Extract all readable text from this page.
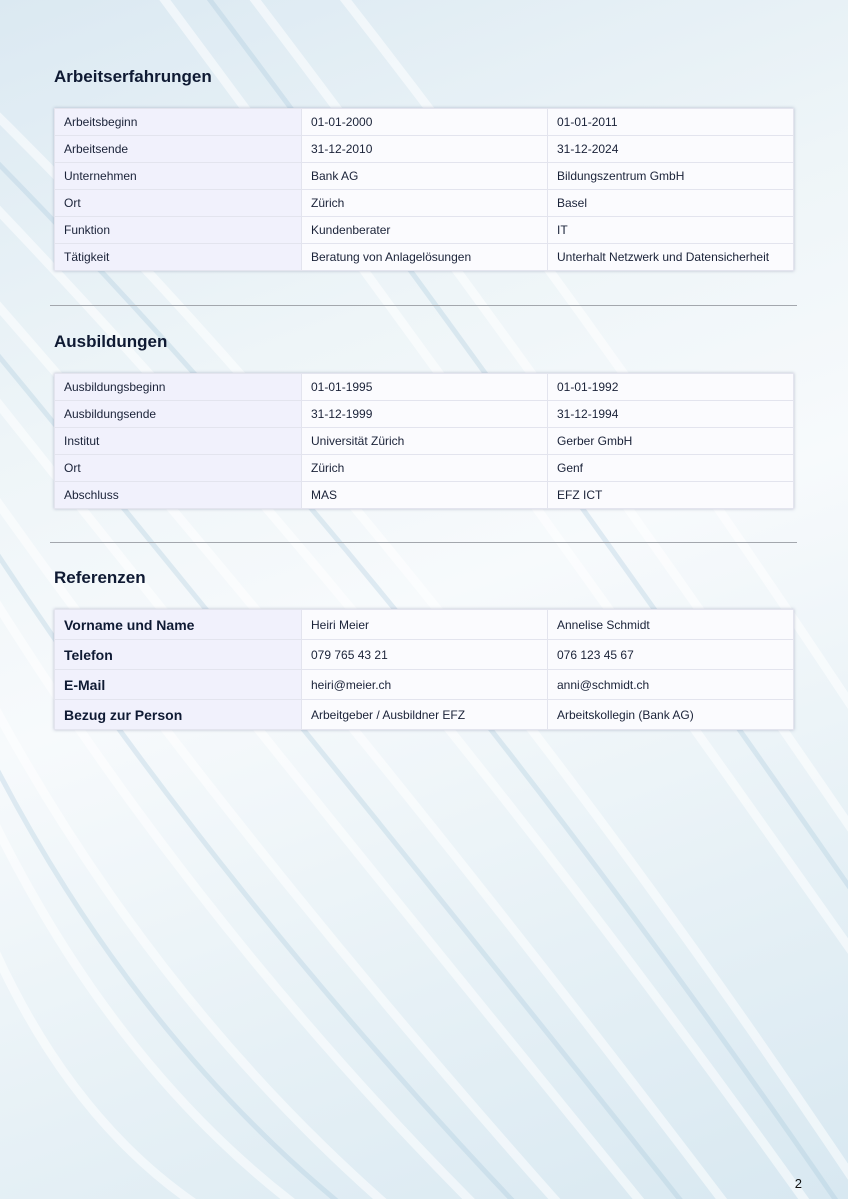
Arbeitserfahrungen
Arbeitsbeginn	01-01-2000	01-01-2011
Arbeitsende	31-12-2010	31-12-2024
Unternehmen	Bank AG	Bildungszentrum GmbH
Ort	Zürich	Basel
Funktion	Kundenberater	IT
Tätigkeit	Beratung von Anlagelösungen	Unterhalt Netzwerk und Datensicherheit
Ausbildungen
Ausbildungsbeginn	01-01-1995	01-01-1992
Ausbildungsende	31-12-1999	31-12-1994
Institut	Universität Zürich	Gerber GmbH
Ort	Zürich	Genf
Abschluss	MAS	EFZ ICT
Referenzen
Vorname und Name	Heiri Meier	Annelise Schmidt
Telefon	079 765 43 21	076 123 45 67
E-Mail	heiri@meier.ch	anni@schmidt.ch
Bezug zur Person	Arbeitgeber / Ausbildner EFZ	Arbeitskollegin (Bank AG)
2
